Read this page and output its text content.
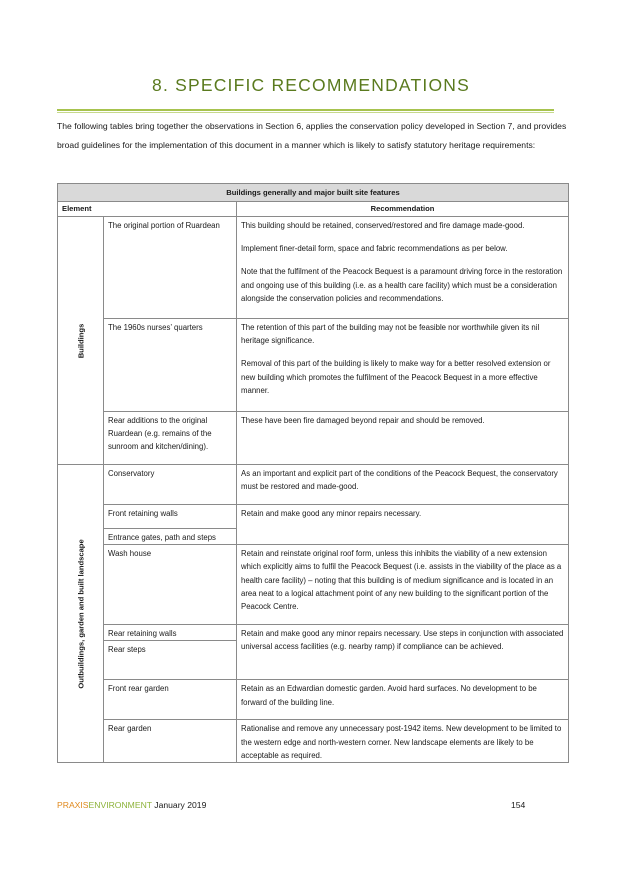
8. SPECIFIC RECOMMENDATIONS

The following tables bring together the observations in Section 6, applies the conservation policy developed in Section 7, and provides broad guidelines for the implementation of this document in a manner which is likely to satisfy statutory heritage requirements:

Buildings generally and major built site features		
Element		Recommendation

Buildings	The original portion of Ruardean	This building should be retained, conserved/restored and fire damage made-good.

Implement finer-detail form, space and fabric recommendations as per below.

Note that the fulfilment of the Peacock Bequest is a paramount driving force in the restoration and ongoing use of this building (i.e. as a health care facility) which must be a consideration alongside the conservation policies and recommendations.

	The 1960s nurses’ quarters	The retention of this part of the building may not be feasible nor worthwhile given its nil heritage significance.

Removal of this part of the building is likely to make way for a better resolved extension or new building which promotes the fulfilment of the Peacock Bequest in a more effective manner.

	Rear additions to the original Ruardean (e.g. remains of the sunroom and kitchen/dining).	These have been fire damaged beyond repair and should be removed.

Outbuildings, garden and built landscape	Conservatory	As an important and explicit part of the conditions of the Peacock Bequest, the conservatory must be restored and made-good.

	Front retaining walls	Retain and make good any minor repairs necessary.

	Entrance gates, path and steps	
	Wash house	Retain and reinstate original roof form, unless this inhibits the viability of a new extension which explicitly aims to fulfil the Peacock Bequest (i.e. assists in the viability of the place as a health care facility) – noting that this building is of medium significance and is located in an area neat to a logical attachment point of any new building to the significant portion of the Peacock Centre.

	Rear retaining walls	Retain and make good any minor repairs necessary. Use steps in conjunction with associated universal access facilities (e.g. nearby ramp) if compliance can be achieved.

	Rear steps	
	Front rear garden	Retain as an Edwardian domestic garden. Avoid hard surfaces. No development to be forward of the building line.

	Rear garden	Rationalise and remove any unnecessary post-1942 items. New development to be limited to the western edge and north-western corner. New landscape elements are likely to be acceptable as required.

PRAXISENVIRONMENT January 2019	154
